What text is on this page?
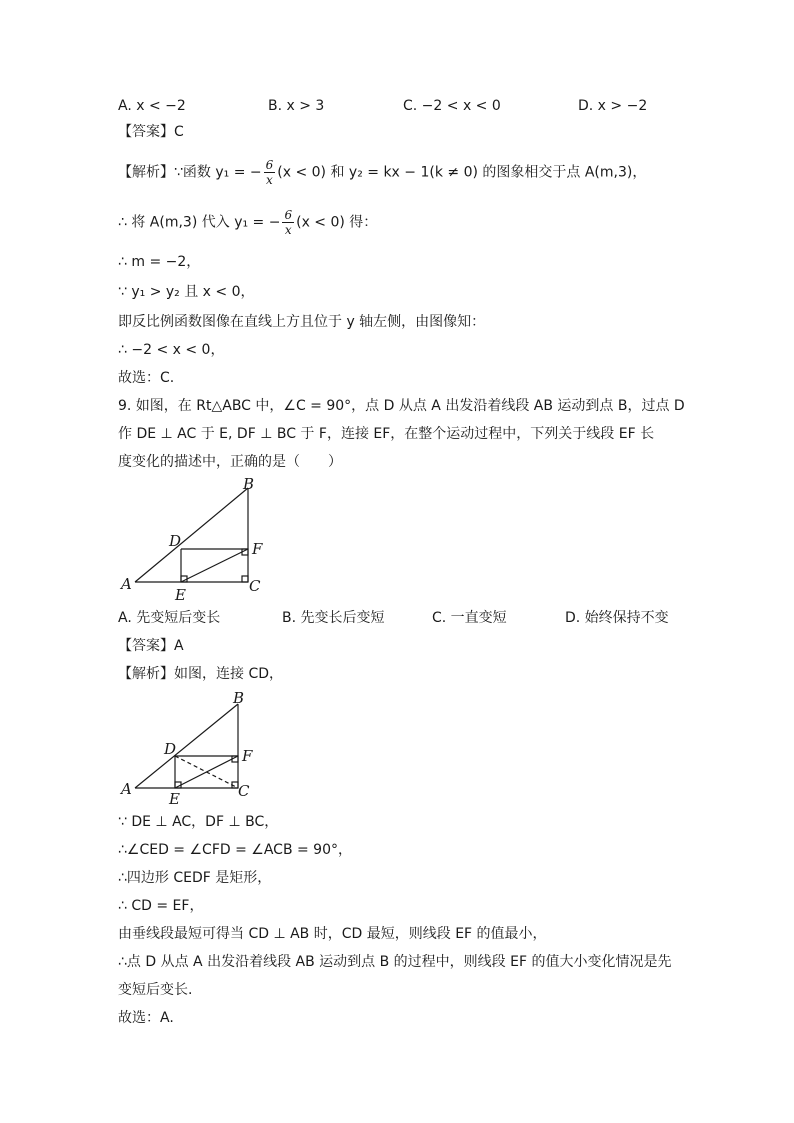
A. x < −2	B. x > 3	C. −2 < x < 0	D. x > −2
【答案】C
【解析】∵函数 y₁ = − $\frac{6}{x} (x < 0)$ 和 y₂ = kx − 1(k ≠ 0) 的图象相交于点 A(m,3)，
∴ 将 A(m,3) 代入 y₁ = − $\frac{6}{x} (x < 0)$ 得：
∴ m = −2，
∵ y₁ > y₂ 且 x < 0，
即反比例函数图像在直线上方且位于 y 轴左侧，由图像知：
∴ −2 < x < 0，
故选：C.
9. 如图，在 Rt△ABC 中，∠C = 90°，点 D 从点 A 出发沿着线段 AB 运动到点 B，过点 D
作 DE ⊥ AC 于 E, DF ⊥ BC 于 F，连接 EF，在整个运动过程中，下列关于线段 EF 长
度变化的描述中，正确的是（　　）
B
D	F
A	C
E
A. 先变短后变长	B. 先变长后变短	C. 一直变短	D. 始终保持不变
【答案】A
【解析】如图，连接 CD，
B
D	F
A	C
E
∵ DE ⊥ AC，DF ⊥ BC，
∴∠CED = ∠CFD = ∠ACB = 90°，
∴四边形 CEDF 是矩形，
∴ CD = EF，
由垂线段最短可得当 CD ⊥ AB 时，CD 最短，则线段 EF 的值最小，
∴点 D 从点 A 出发沿着线段 AB 运动到点 B 的过程中，则线段 EF 的值大小变化情况是先
变短后变长.
故选：A.
